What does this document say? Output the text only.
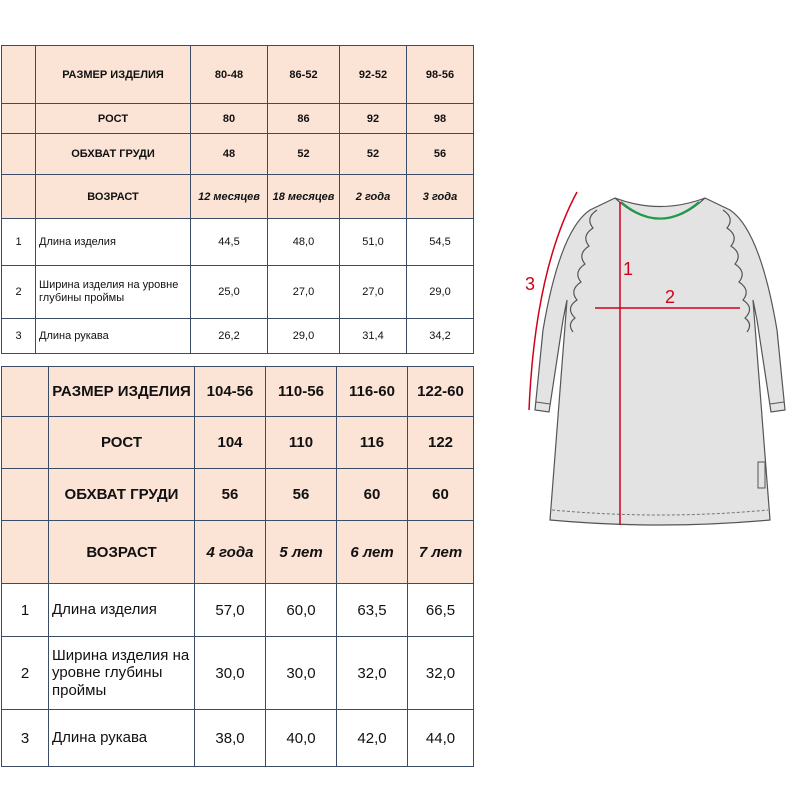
	РАЗМЕР ИЗДЕЛИЯ	80-48	86-52	92-52	98-56
	РОСТ	80	86	92	98
	ОБХВАТ ГРУДИ	48	52	52	56
	ВОЗРАСТ	12 месяцев	18 месяцев	2 года	3 года
1	Длина изделия	44,5	48,0	51,0	54,5
2	Ширина изделия на уровне глубины проймы	25,0	27,0	27,0	29,0
3	Длина рукава	26,2	29,0	31,4	34,2
	РАЗМЕР ИЗДЕЛИЯ	104-56	110-56	116-60	122-60
	РОСТ	104	110	116	122
	ОБХВАТ ГРУДИ	56	56	60	60
	ВОЗРАСТ	4 года	5 лет	6 лет	7 лет
1	Длина изделия	57,0	60,0	63,5	66,5
2	Ширина изделия на уровне глубины проймы	30,0	30,0	32,0	32,0
3	Длина рукава	38,0	40,0	42,0	44,0
1
2
3
